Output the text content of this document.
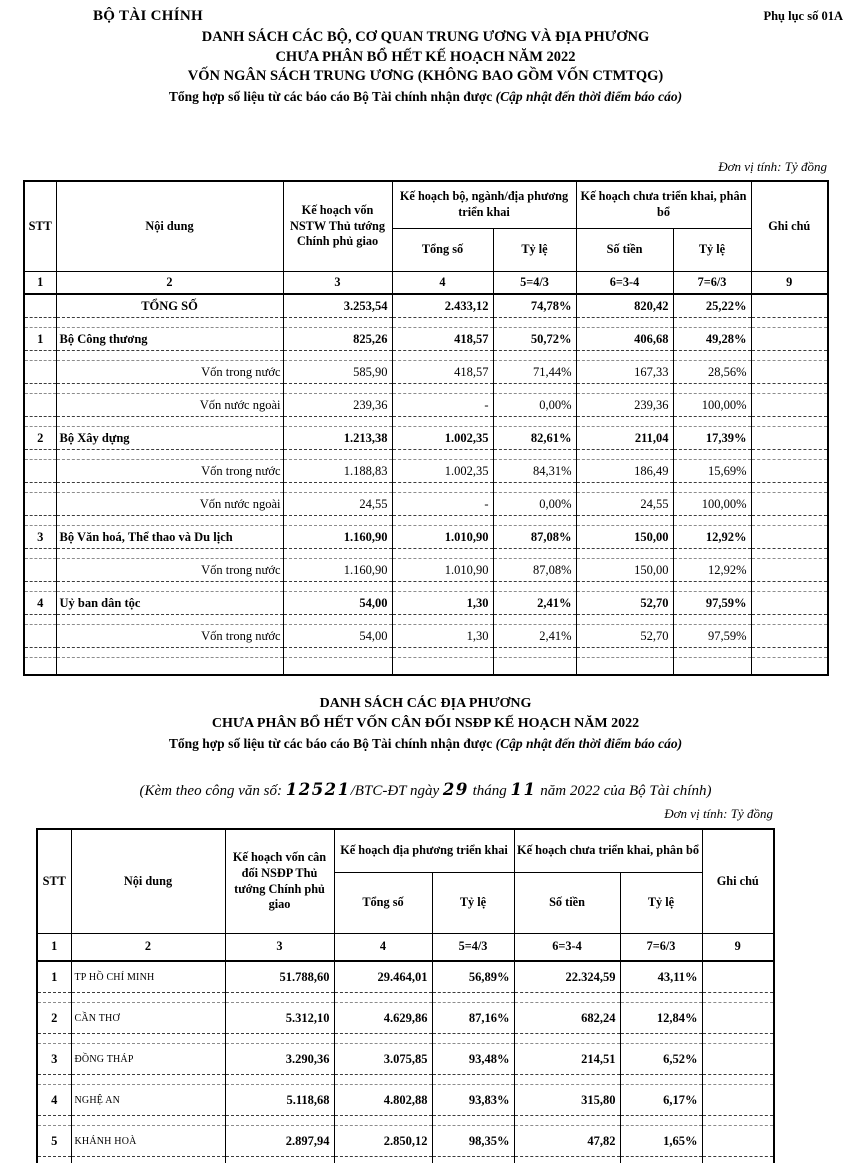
BỘ TÀI CHÍNH	Phụ lục số 01A
DANH SÁCH CÁC BỘ, CƠ QUAN TRUNG ƯƠNG VÀ ĐỊA PHƯƠNG
CHƯA PHÂN BỔ HẾT KẾ HOẠCH NĂM 2022
VỐN NGÂN SÁCH TRUNG ƯƠNG (KHÔNG BAO GỒM VỐN CTMTQG)
Tổng hợp số liệu từ các báo cáo Bộ Tài chính nhận được (Cập nhật đến thời điểm báo cáo)
Đơn vị tính: Tỷ đồng
STT	Nội dung	Kế hoạch vốn NSTW Thủ tướng Chính phủ giao	Kế hoạch bộ, ngành/địa phương triển khai		Kế hoạch chưa triển khai, phân bổ		Ghi chú
			Tổng số	Tỷ lệ	Số tiền	Tỷ lệ	
1	2	3	4	5=4/3	6=3-4	7=6/3	9
	TỔNG SỐ	3.253,54	2.433,12	74,78%	820,42	25,22%	

1	Bộ Công thương	825,26	418,57	50,72%	406,68	49,28%	

	Vốn trong nước	585,90	418,57	71,44%	167,33	28,56%	

	Vốn nước ngoài	239,36	-	0,00%	239,36	100,00%	

2	Bộ Xây dựng	1.213,38	1.002,35	82,61%	211,04	17,39%	

	Vốn trong nước	1.188,83	1.002,35	84,31%	186,49	15,69%	

	Vốn nước ngoài	24,55	-	0,00%	24,55	100,00%	

3	Bộ Văn hoá, Thể thao và Du lịch	1.160,90	1.010,90	87,08%	150,00	12,92%	

	Vốn trong nước	1.160,90	1.010,90	87,08%	150,00	12,92%	

4	Uỷ ban dân tộc	54,00	1,30	2,41%	52,70	97,59%	

	Vốn trong nước	54,00	1,30	2,41%	52,70	97,59%	

DANH SÁCH CÁC ĐỊA PHƯƠNG
CHƯA PHÂN BỔ HẾT VỐN CÂN ĐỐI NSĐP KẾ HOẠCH NĂM 2022
Tổng hợp số liệu từ các báo cáo Bộ Tài chính nhận được (Cập nhật đến thời điểm báo cáo)
(Kèm theo công văn số: 12521/BTC-ĐT ngày 29 tháng 11 năm 2022 của Bộ Tài chính)
Đơn vị tính: Tỷ đồng
STT	Nội dung	Kế hoạch vốn cân đối NSĐP Thủ tướng Chính phủ giao	Kế hoạch địa phương triển khai		Kế hoạch chưa triển khai, phân bổ		Ghi chú
			Tổng số	Tỷ lệ	Số tiền	Tỷ lệ	
1	2	3	4	5=4/3	6=3-4	7=6/3	9
1	TP HỒ CHÍ MINH	51.788,60	29.464,01	56,89%	22.324,59	43,11%	

2	CẦN THƠ	5.312,10	4.629,86	87,16%	682,24	12,84%	

3	ĐỒNG THÁP	3.290,36	3.075,85	93,48%	214,51	6,52%	

4	NGHỆ AN	5.118,68	4.802,88	93,83%	315,80	6,17%	

5	KHÁNH HOÀ	2.897,94	2.850,12	98,35%	47,82	1,65%	
